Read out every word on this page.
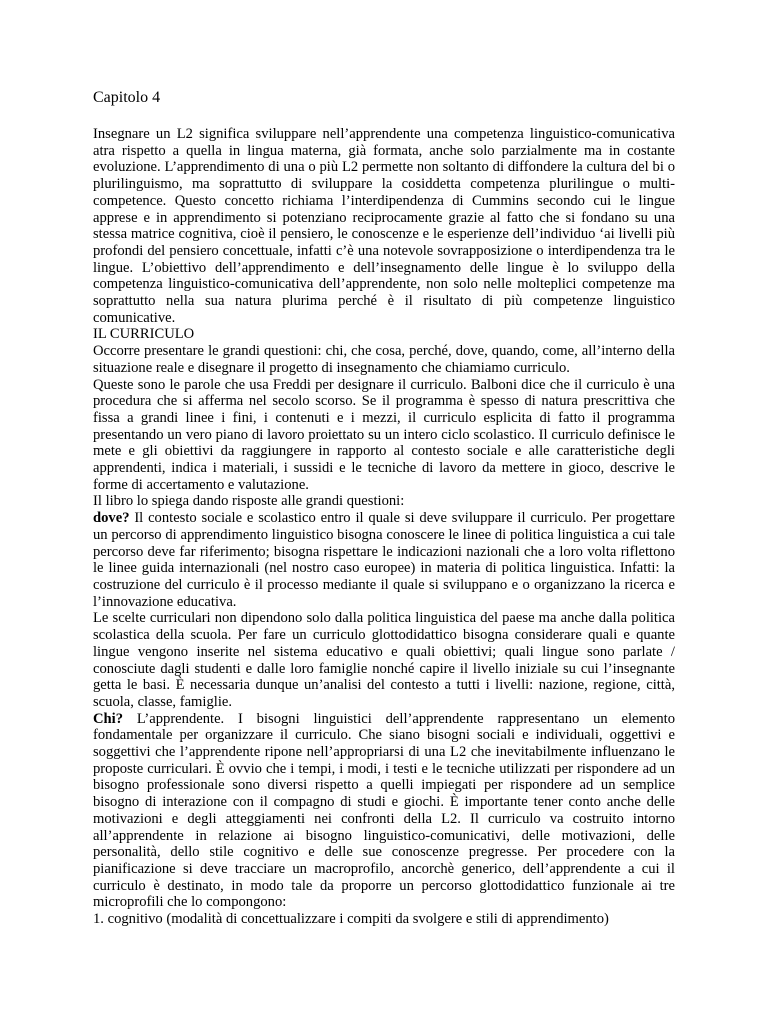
Capitolo 4

Insegnare un L2 significa sviluppare nell’apprendente una competenza linguistico-comunicativa atra rispetto a quella in lingua materna, già formata, anche solo parzialmente ma in costante evoluzione. L’apprendimento di una o più L2 permette non soltanto di diffondere la cultura del bi o plurilinguismo, ma soprattutto di sviluppare la cosiddetta competenza plurilingue o multi-competence. Questo concetto richiama l’interdipendenza di Cummins secondo cui le lingue apprese e in apprendimento si potenziano reciprocamente grazie al fatto che si fondano su una stessa matrice cognitiva, cioè il pensiero, le conoscenze e le esperienze dell’individuo ‘ai livelli più profondi del pensiero concettuale, infatti c’è una notevole sovrapposizione o interdipendenza tra le lingue. L’obiettivo dell’apprendimento e dell’insegnamento delle lingue è lo sviluppo della competenza linguistico-comunicativa dell’apprendente, non solo nelle molteplici competenze ma soprattutto nella sua natura plurima perché è il risultato di più competenze linguistico comunicative.

IL CURRICULO

Occorre presentare le grandi questioni: chi, che cosa, perché, dove, quando, come, all’interno della situazione reale e disegnare il progetto di insegnamento che chiamiamo curriculo.

Queste sono le parole che usa Freddi per designare il curriculo. Balboni dice che il curriculo è una procedura che si afferma nel secolo scorso. Se il programma è spesso di natura prescrittiva che fissa a grandi linee i fini, i contenuti e i mezzi, il curriculo esplicita di fatto il programma presentando un vero piano di lavoro proiettato su un intero ciclo scolastico. Il curriculo definisce le mete e gli obiettivi da raggiungere in rapporto al contesto sociale e alle caratteristiche degli apprendenti, indica i materiali, i sussidi e le tecniche di lavoro da mettere in gioco, descrive le forme di accertamento e valutazione.

Il libro lo spiega dando risposte alle grandi questioni:

dove? Il contesto sociale e scolastico entro il quale si deve sviluppare il curriculo. Per progettare un percorso di apprendimento linguistico bisogna conoscere le linee di politica linguistica a cui tale percorso deve far riferimento; bisogna rispettare le indicazioni nazionali che a loro volta riflettono le linee guida internazionali (nel nostro caso europee) in materia di politica linguistica. Infatti: la costruzione del curriculo è il processo mediante il quale si sviluppano e o organizzano la ricerca e l’innovazione educativa.

Le scelte curriculari non dipendono solo dalla politica linguistica del paese ma anche dalla politica scolastica della scuola. Per fare un curriculo glottodidattico bisogna considerare quali e quante lingue vengono inserite nel sistema educativo e quali obiettivi; quali lingue sono parlate / conosciute dagli studenti e dalle loro famiglie nonché capire il livello iniziale su cui l’insegnante getta le basi. È necessaria dunque un’analisi del contesto a tutti i livelli: nazione, regione, città, scuola, classe, famiglie.

Chi? L’apprendente. I bisogni linguistici dell’apprendente rappresentano un elemento fondamentale per organizzare il curriculo. Che siano bisogni sociali e individuali, oggettivi e soggettivi che l’apprendente ripone nell’appropriarsi di una L2 che inevitabilmente influenzano le proposte curriculari. È ovvio che i tempi, i modi, i testi e le tecniche utilizzati per rispondere ad un bisogno professionale sono diversi rispetto a quelli impiegati per rispondere ad un semplice bisogno di interazione con il compagno di studi e giochi. È importante tener conto anche delle motivazioni e degli atteggiamenti nei confronti della L2. Il curriculo va costruito intorno all’apprendente in relazione ai bisogno linguistico-comunicativi, delle motivazioni, delle personalità, dello stile cognitivo e delle sue conoscenze pregresse. Per procedere con la pianificazione si deve tracciare un macroprofilo, ancorchè generico, dell’apprendente a cui il curriculo è destinato, in modo tale da proporre un percorso glottodidattico funzionale ai tre microprofili che lo compongono:

1. cognitivo (modalità di concettualizzare i compiti da svolgere e stili di apprendimento)
